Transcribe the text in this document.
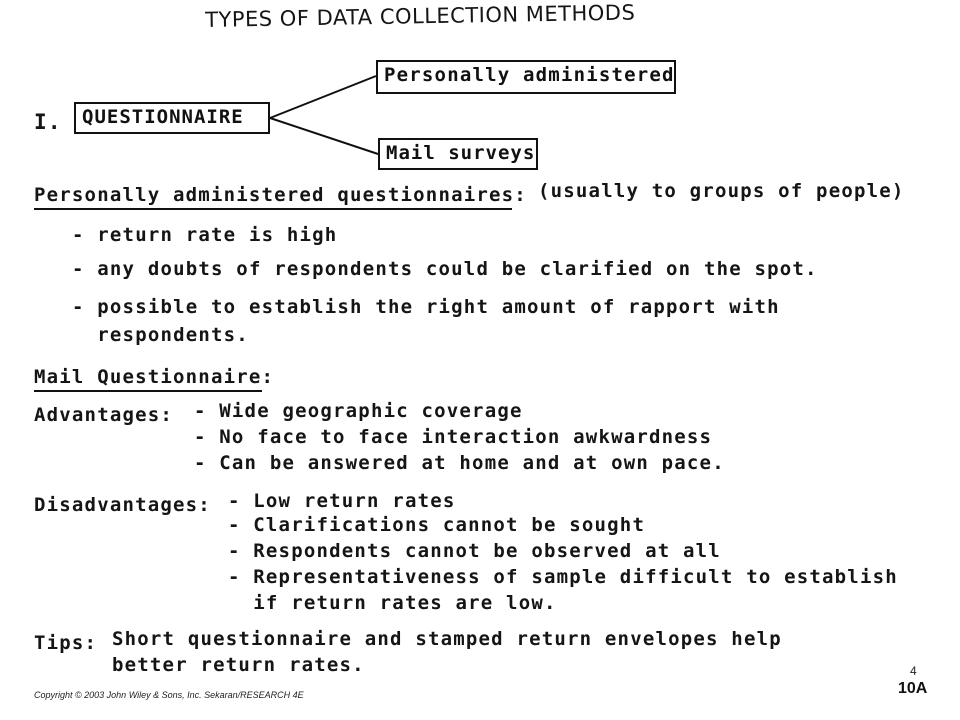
TYPES OF DATA COLLECTION METHODS
I.	QUESTIONNAIRE
Personally administered
Mail surveys
Personally administered questionnaires: (usually to groups of people)
- return rate is high
- any doubts of respondents could be clarified on the spot.
- possible to establish the right amount of rapport with
respondents.
Mail Questionnaire:
Advantages: - Wide geographic coverage
- No face to face interaction awkwardness
- Can be answered at home and at own pace.
Disadvantages: - Low return rates
- Clarifications cannot be sought
- Respondents cannot be observed at all
- Representativeness of sample difficult to establish
if return rates are low.
Tips: Short questionnaire and stamped return envelopes help
better return rates.
Copyright © 2003 John Wiley & Sons, Inc. Sekaran/RESEARCH 4E
4
10A
